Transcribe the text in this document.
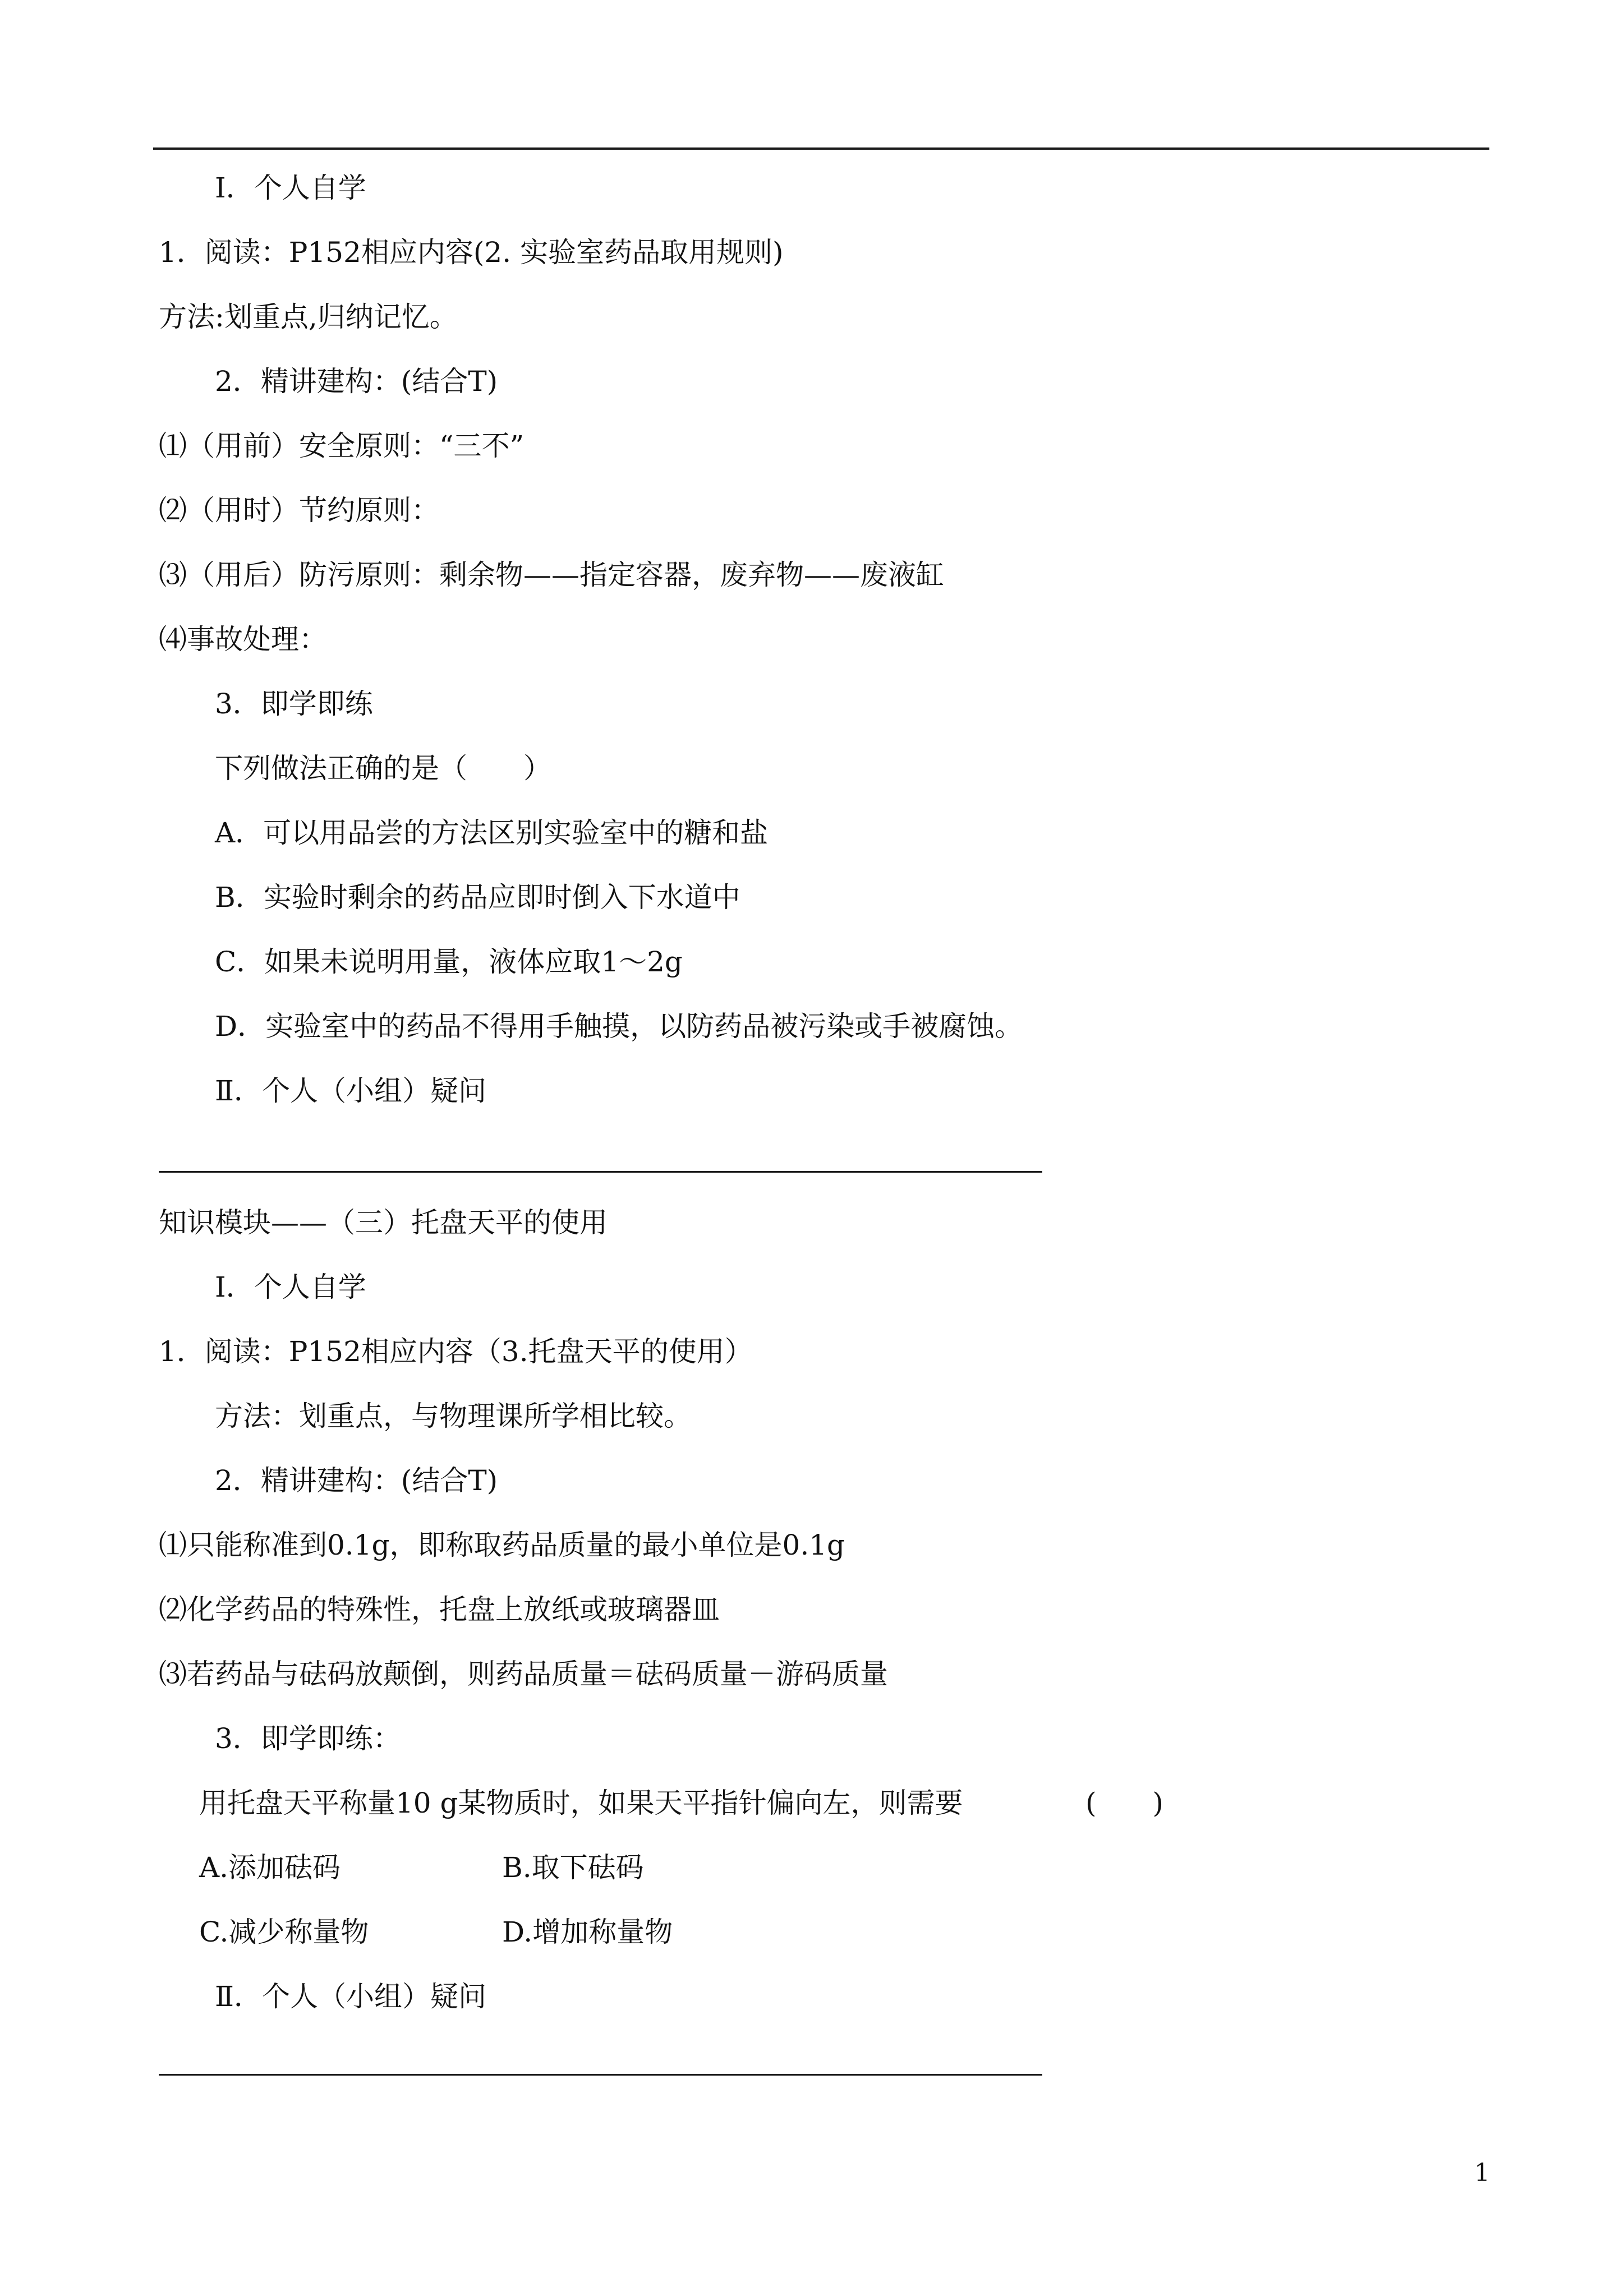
Ⅰ．个人自学
1．阅读：P152相应内容(2. 实验室药品取用规则)
方法:划重点,归纳记忆。
2．精讲建构：(结合T)
⑴（用前）安全原则：“三不”
⑵（用时）节约原则：
⑶（用后）防污原则：剩余物——指定容器，废弃物——废液缸
⑷事故处理：
3．即学即练
下列做法正确的是（　　）
A．可以用品尝的方法区别实验室中的糖和盐
B．实验时剩余的药品应即时倒入下水道中
C．如果未说明用量，液体应取1～2g
D．实验室中的药品不得用手触摸，以防药品被污染或手被腐蚀。
Ⅱ．个人（小组）疑问
知识模块——（三）托盘天平的使用
Ⅰ．个人自学
1．阅读：P152相应内容（3.托盘天平的使用）
方法：划重点，与物理课所学相比较。
2．精讲建构：(结合T)
⑴只能称准到0.1g，即称取药品质量的最小单位是0.1g
⑵化学药品的特殊性，托盘上放纸或玻璃器皿
⑶若药品与砝码放颠倒，则药品质量＝砝码质量－游码质量
3．即学即练：
用托盘天平称量10 g某物质时，如果天平指针偏向左，则需要	(　　)
A.添加砝码	B.取下砝码
C.减少称量物	D.增加称量物
Ⅱ．个人（小组）疑问
1
